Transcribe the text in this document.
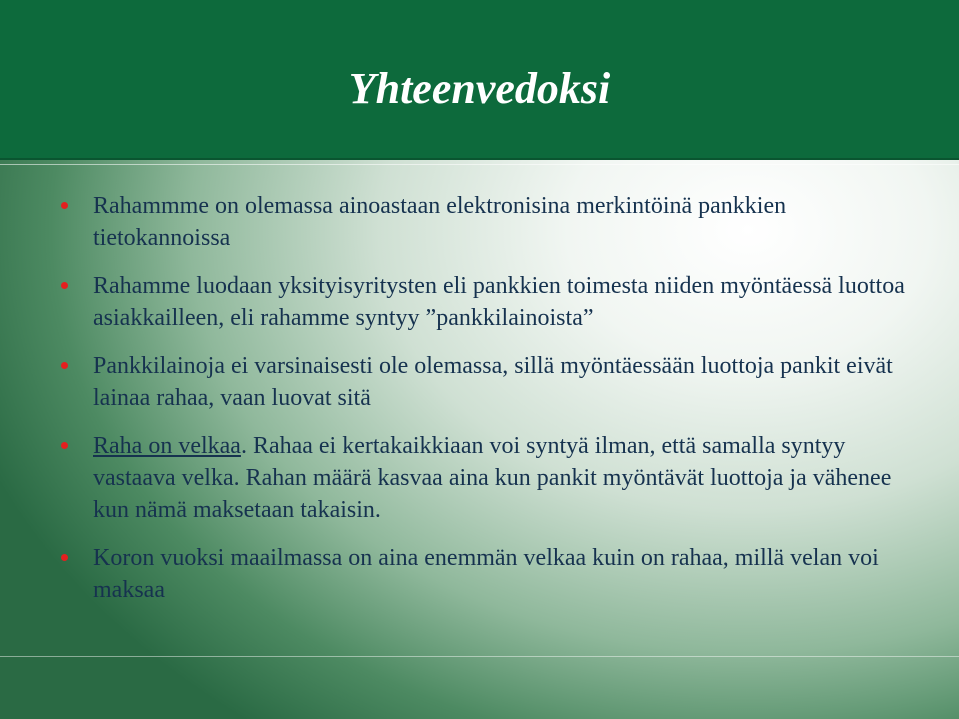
Yhteenvedoksi

Rahammme on olemassa ainoastaan elektronisina merkintöinä pankkien tietokannoissa

Rahamme luodaan yksityisyritysten eli pankkien toimesta niiden myöntäessä luottoa asiakkailleen, eli rahamme syntyy ”pankkilainoista”

Pankkilainoja ei varsinaisesti ole olemassa, sillä myöntäessään luottoja pankit eivät lainaa rahaa, vaan luovat sitä

Raha on velkaa. Rahaa ei kertakaikkiaan voi syntyä ilman, että samalla syntyy vastaava velka. Rahan määrä kasvaa aina kun pankit myöntävät luottoja ja vähenee kun nämä maksetaan takaisin.

Koron vuoksi maailmassa on aina enemmän velkaa kuin on rahaa, millä velan voi maksaa
